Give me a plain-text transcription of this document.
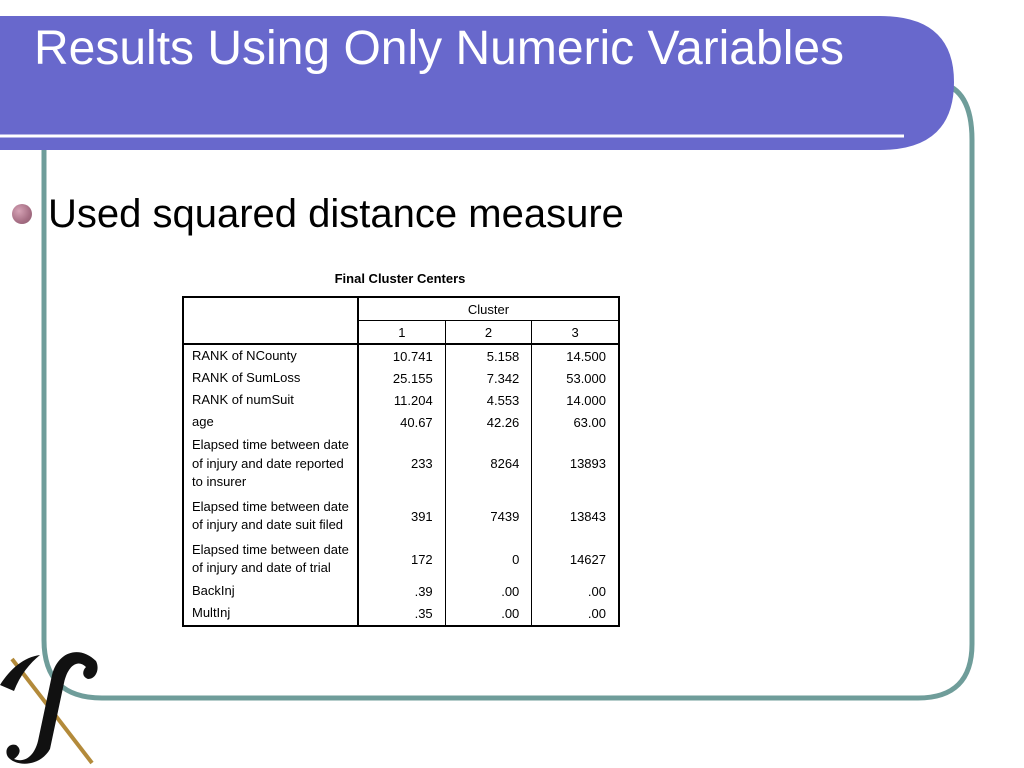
Results Using Only Numeric Variables
Used squared distance measure
Final Cluster Centers
	Cluster		
	1	2	3
RANK of NCounty	10.741	5.158	14.500
RANK of SumLoss	25.155	7.342	53.000
RANK of numSuit	11.204	4.553	14.000
age	40.67	42.26	63.00
Elapsed time between date of injury and date reported to insurer	233	8264	13893
Elapsed time between date of injury and date suit filed	391	7439	13843
Elapsed time between date of injury and date of trial	172	0	14627
BackInj	.39	.00	.00
MultInj	.35	.00	.00
